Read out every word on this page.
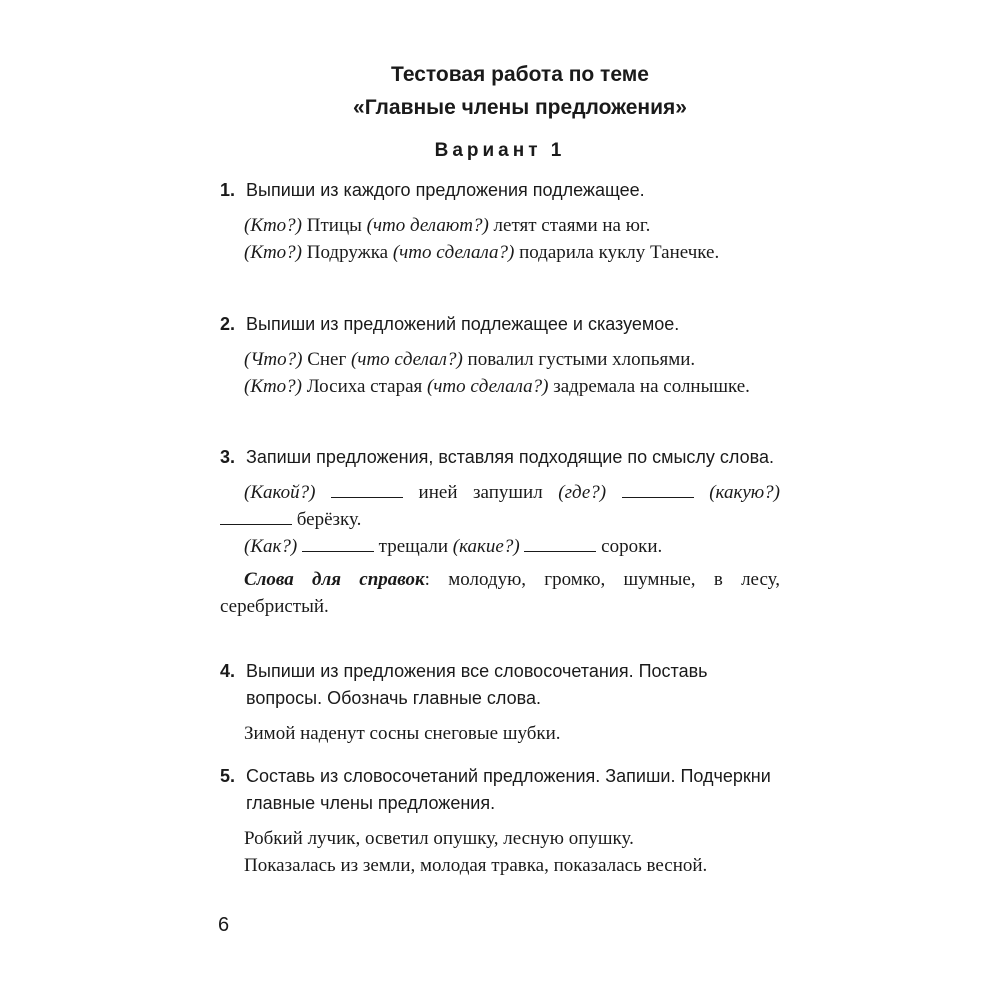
Тестовая работа по теме
«Главные члены предложения»
Вариант 1
1. Выпиши из каждого предложения подлежащее.
(Кто?) Птицы (что делают?) летят стаями на юг.
(Кто?) Подружка (что сделала?) подарила куклу Танечке.
2. Выпиши из предложений подлежащее и сказуемое.
(Что?) Снег (что сделал?) повалил густыми хлопьями.
(Кто?) Лосиха старая (что сделала?) задремала на солнышке.
3. Запиши предложения, вставляя подходящие по смыслу слова.
(Какой?)	иней запушил (где?)	(какую?)  берёзку.
(Как?)	трещали (какие?)	сороки.
Слова для справок: молодую, громко, шумные, в лесу, серебристый.
4. Выпиши из предложения все словосочетания. Поставь вопросы. Обозначь главные слова.
Зимой наденут сосны снеговые шубки.
5. Составь из словосочетаний предложения. Запиши. Подчеркни главные члены предложения.
Робкий лучик, осветил опушку, лесную опушку.
Показалась из земли, молодая травка, показалась весной.
6
